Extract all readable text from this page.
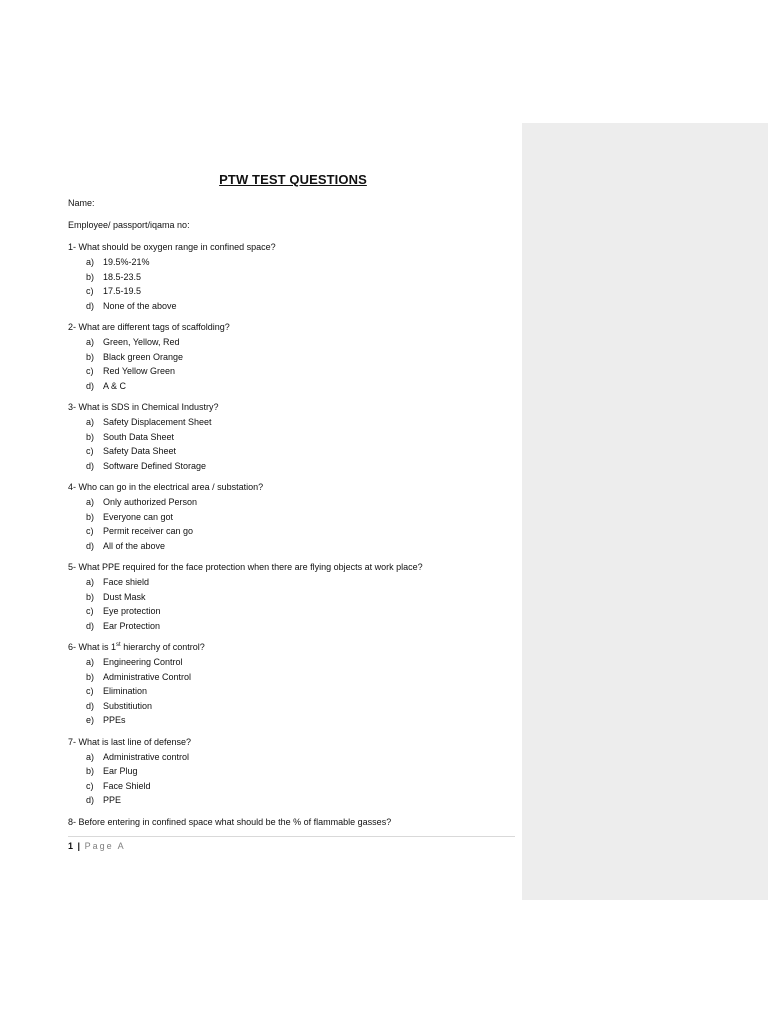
PTW TEST QUESTIONS
Name:
Employee/ passport/iqama no:
1- What should be oxygen range in confined space?
a) 19.5%-21%
b) 18.5-23.5
c)	17.5-19.5
d) None of the above
2- What are different tags of scaffolding?
a) Green, Yellow, Red
b) Black green Orange
c)	Red Yellow Green
d) A & C
3- What is SDS in Chemical Industry?
a) Safety Displacement Sheet
b) South Data Sheet
c)	Safety Data Sheet
d) Software Defined Storage
4- Who can go in the electrical area / substation?
a) Only authorized Person
b) Everyone can got
c)	Permit receiver can go
d) All of the above
5- What PPE required for the face protection when there are flying objects at work place?
a) Face shield
b) Dust Mask
c)	Eye protection
d) Ear Protection
6- What is 1st hierarchy of control?
a) Engineering Control
b) Administrative Control
c)	Elimination
d) Substitiution
e) PPEs
7- What is last line of defense?
a) Administrative control
b) Ear Plug
c)	Face Shield
d) PPE
8- Before entering in confined space what should be the % of flammable gasses?
1 | Page A
